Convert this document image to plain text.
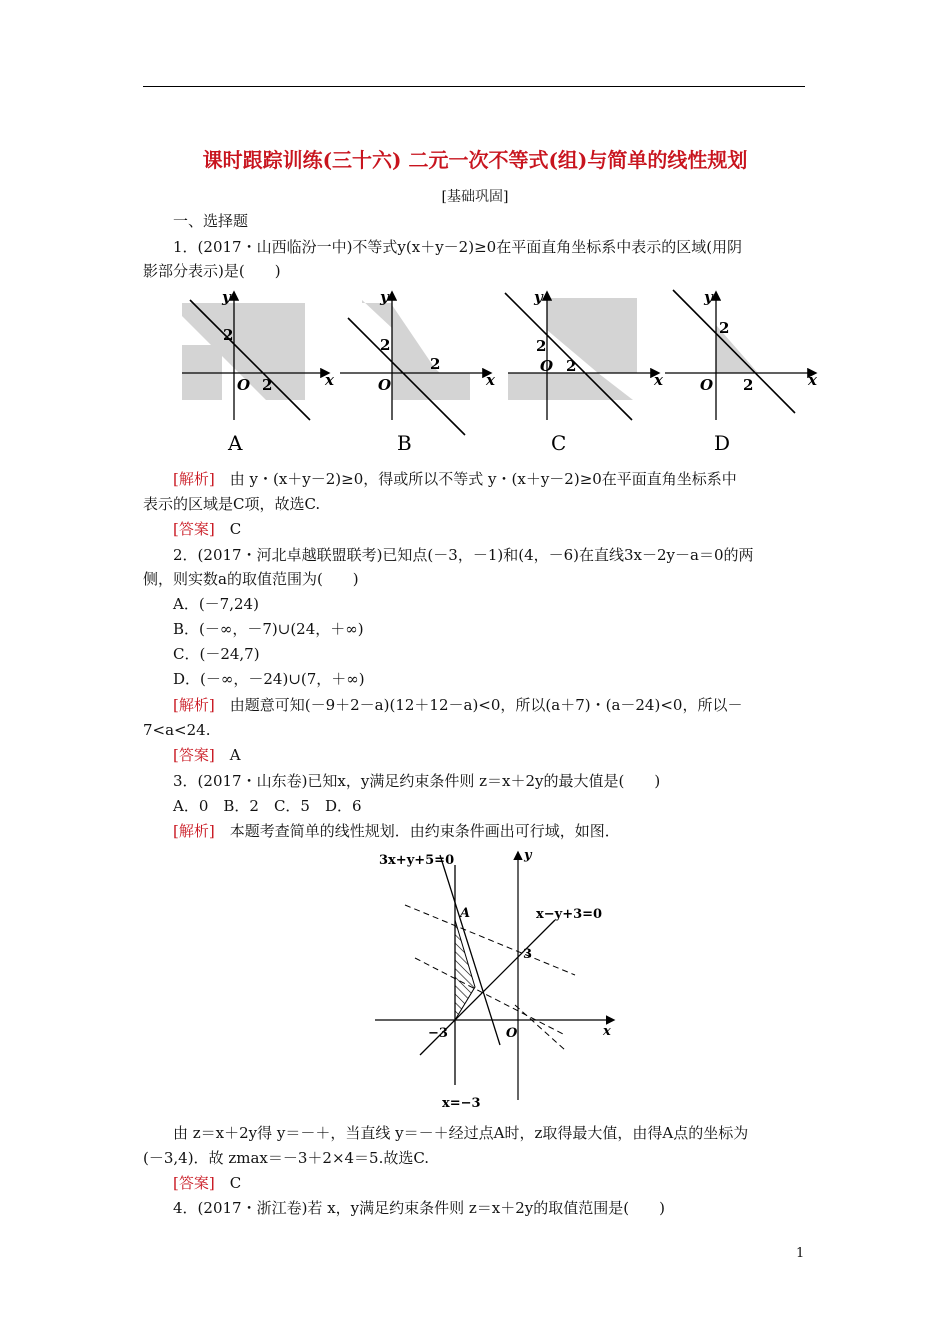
课时跟踪训练(三十六) 二元一次不等式(组)与简单的线性规划
[基础巩固]
一、选择题
1．(2017・山西临汾一中)不等式y(x＋y－2)≥0在平面直角坐标系中表示的区域(用阴
影部分表示)是(　　)
y
x
2
O 2
A
y
x
2
O
2
B
y
x
2
O 2
C
y
x
2
O 2
D
[解析]　 由 y・(x＋y－2)≥0，得或所以不等式 y・(x＋y－2)≥0在平面直角坐标系中
表示的区域是C项，故选C.
[答案]　 C
2．(2017・河北卓越联盟联考)已知点(－3，－1)和(4，－6)在直线3x－2y－a＝0的两
侧，则实数a的取值范围为(　　)
A．(－7,24)
B．(－∞，－7)∪(24，＋∞)
C．(－24,7)
D．(－∞，－24)∪(7，＋∞)
[解析]　 由题意可知(－9＋2－a)(12＋12－a)<0，所以(a＋7)・(a－24)<0，所以－
7<a<24.
[答案]　 A
3．(2017・山东卷)已知x，y满足约束条件则 z＝x＋2y的最大值是(　　)
A．0　B．2　C．5　D．6
[解析]　 本题考查简单的线性规划．由约束条件画出可行域，如图．
3x+y+5=0
x−y+3=0
x=−3
A
3
−3	O	x
y
由 z＝x＋2y得 y＝－＋，当直线 y＝－＋经过点A时，z取得最大值，由得A点的坐标为
(－3,4)．故 zmax＝－3＋2×4＝5.故选C.
[答案]　 C
4．(2017・浙江卷)若 x，y满足约束条件则 z＝x＋2y的取值范围是(　　)
1
